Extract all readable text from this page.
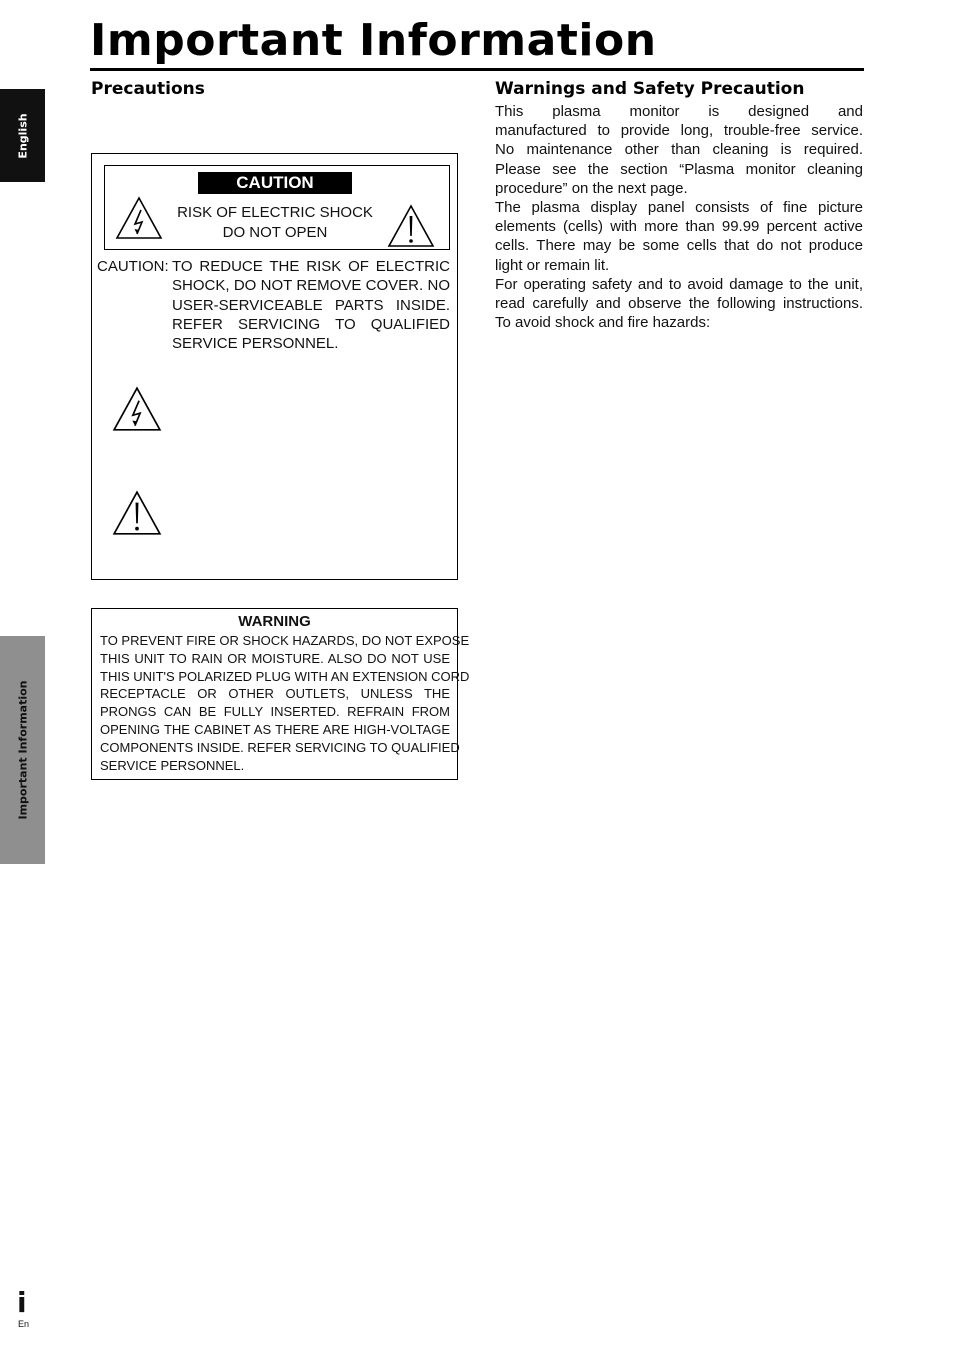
Important Information
English
Important Information
Precautions
CAUTION
RISK OF ELECTRIC SHOCK
DO NOT OPEN
CAUTION: TO REDUCE THE RISK OF ELECTRIC
SHOCK, DO NOT REMOVE COVER. NO
USER-SERVICEABLE PARTS INSIDE.
REFER SERVICING TO QUALIFIED
SERVICE PERSONNEL.
WARNING
TO PREVENT FIRE OR SHOCK HAZARDS, DO NOT EXPOSE
THIS UNIT TO RAIN OR MOISTURE. ALSO DO NOT USE
THIS UNIT'S POLARIZED PLUG WITH AN EXTENSION CORD
RECEPTACLE OR OTHER OUTLETS, UNLESS THE
PRONGS CAN BE FULLY INSERTED. REFRAIN FROM
OPENING THE CABINET AS THERE ARE HIGH-VOLTAGE
COMPONENTS INSIDE. REFER SERVICING TO QUALIFIED
SERVICE PERSONNEL.
Warnings and Safety Precaution
This plasma monitor is designed and
manufactured to provide long, trouble-free service.
No maintenance other than cleaning is required.
Please see the section “Plasma monitor cleaning
procedure” on the next page.
The plasma display panel consists of fine picture
elements (cells) with more than 99.99 percent active
cells. There may be some cells that do not produce
light or remain lit.
For operating safety and to avoid damage to the unit,
read carefully and observe the following instructions.
To avoid shock and fire hazards:
i
En
